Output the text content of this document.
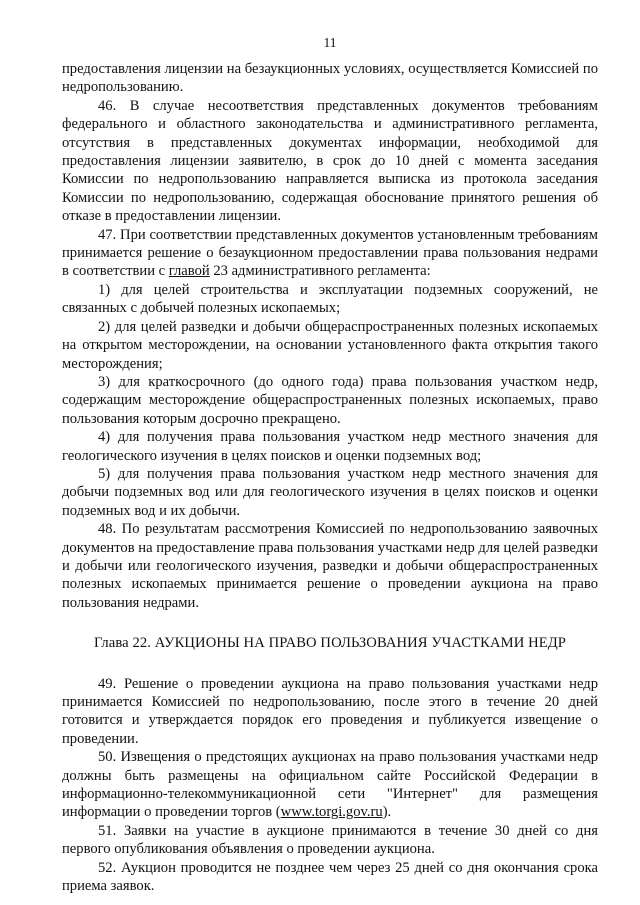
11

предоставления лицензии на безаукционных условиях, осуществляется Комиссией по недропользованию.

46. В случае несоответствия представленных документов требованиям федерального и областного законодательства и административного регламента, отсутствия в представленных документах информации, необходимой для предоставления лицензии заявителю, в срок до 10 дней с момента заседания Комиссии по недропользованию направляется выписка из протокола заседания Комиссии по недропользованию, содержащая обоснование принятого решения об отказе в предоставлении лицензии.

47. При соответствии представленных документов установленным требованиям принимается решение о безаукционном предоставлении права пользования недрами в соответствии с главой 23 административного регламента:

1) для целей строительства и эксплуатации подземных сооружений, не связанных с добычей полезных ископаемых;

2) для целей разведки и добычи общераспространенных полезных ископаемых на открытом месторождении, на основании установленного факта открытия такого месторождения;

3) для краткосрочного (до одного года) права пользования участком недр, содержащим месторождение общераспространенных полезных ископаемых, право пользования которым досрочно прекращено.

4) для получения права пользования участком недр местного значения для геологического изучения в целях поисков и оценки подземных вод;

5) для получения права пользования участком недр местного значения для добычи подземных вод или для геологического изучения в целях поисков и оценки подземных вод и их добычи.

48. По результатам рассмотрения Комиссией по недропользованию заявочных документов на предоставление права пользования участками недр для целей разведки и добычи или геологического изучения, разведки и добычи общераспространенных полезных ископаемых принимается решение о проведении аукциона на право пользования недрами.

Глава 22. АУКЦИОНЫ НА ПРАВО ПОЛЬЗОВАНИЯ УЧАСТКАМИ НЕДР

49. Решение о проведении аукциона на право пользования участками недр принимается Комиссией по недропользованию, после этого в течение 20 дней готовится и утверждается порядок его проведения и публикуется извещение о проведении.

50. Извещения о предстоящих аукционах на право пользования участками недр должны быть размещены на официальном сайте Российской Федерации в информационно-телекоммуникационной сети "Интернет" для размещения информации о проведении торгов (www.torgi.gov.ru).

51. Заявки на участие в аукционе принимаются в течение 30 дней со дня первого опубликования объявления о проведении аукциона.

52. Аукцион проводится не позднее чем через 25 дней со дня окончания срока приема заявок.
